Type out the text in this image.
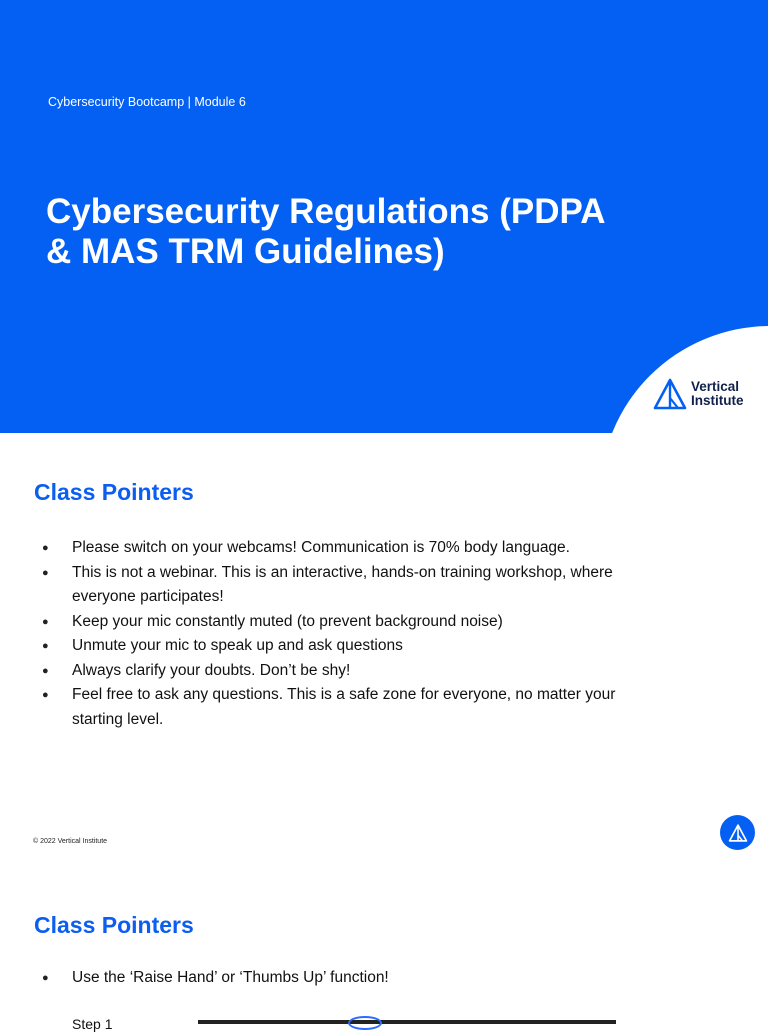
Cybersecurity Bootcamp | Module 6
Cybersecurity Regulations (PDPA
& MAS TRM Guidelines)
Vertical
Institute
Class Pointers
● Please switch on your webcams! Communication is 70% body language.
● This is not a webinar. This is an interactive, hands-on training workshop, where everyone participates!
● Keep your mic constantly muted (to prevent background noise)
● Unmute your mic to speak up and ask questions
● Always clarify your doubts. Don’t be shy!
● Feel free to ask any questions. This is a safe zone for everyone, no matter your starting level.
© 2022 Vertical Institute
Class Pointers
● Use the ‘Raise Hand’ or ‘Thumbs Up’ function!
Step 1
